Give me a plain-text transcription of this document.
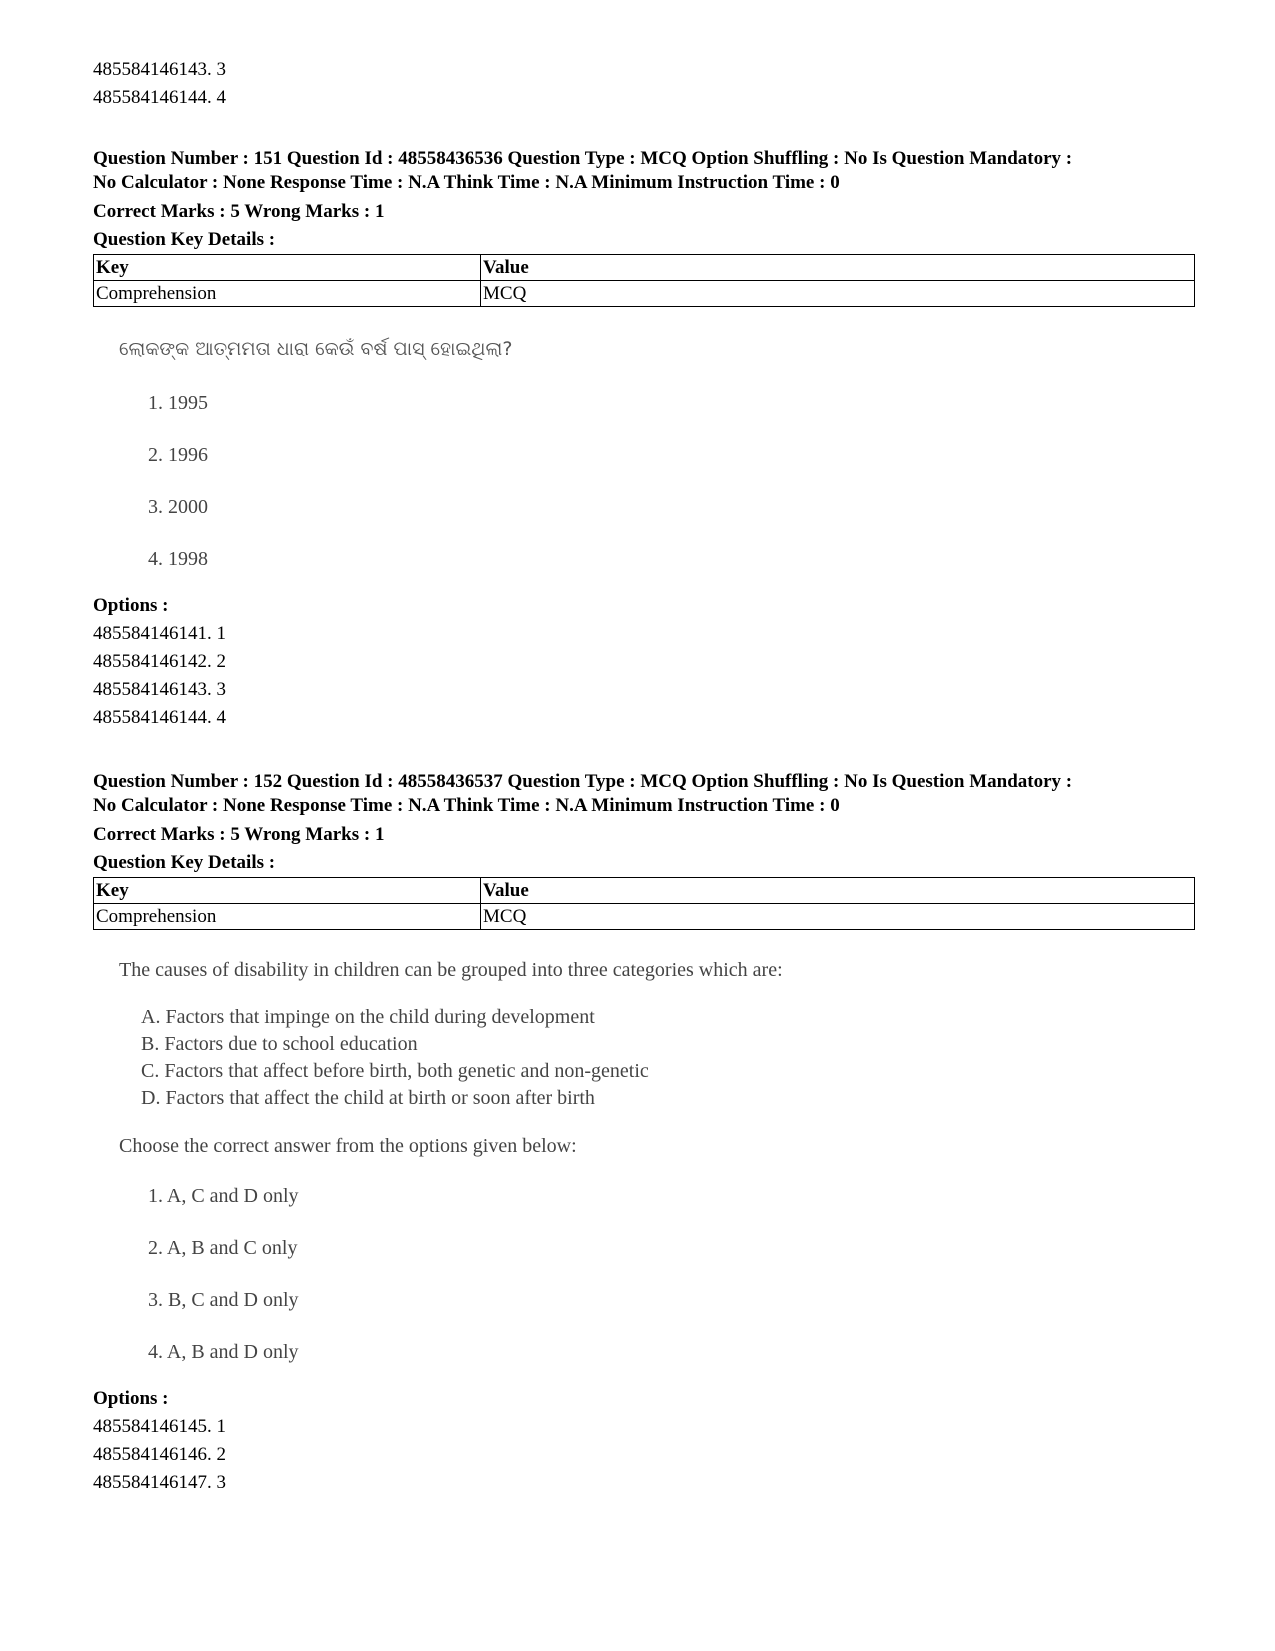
485584146143. 3
485584146144. 4
Question Number : 151 Question Id : 48558436536 Question Type : MCQ Option Shuffling : No Is Question Mandatory :
No Calculator : None Response Time : N.A Think Time : N.A Minimum Instruction Time : 0
Correct Marks : 5 Wrong Marks : 1
Question Key Details :
Key	Value
Comprehension	MCQ
ଲୋକଙ୍କ ଆତ୍ମମତା ଧାରା କେଉଁ ବର୍ଷ ପାସ୍ ହୋଇଥିଲା?
1. 1995
2. 1996
3. 2000
4. 1998
Options :
485584146141. 1
485584146142. 2
485584146143. 3
485584146144. 4
Question Number : 152 Question Id : 48558436537 Question Type : MCQ Option Shuffling : No Is Question Mandatory :
No Calculator : None Response Time : N.A Think Time : N.A Minimum Instruction Time : 0
Correct Marks : 5 Wrong Marks : 1
Question Key Details :
Key	Value
Comprehension	MCQ
The causes of disability in children can be grouped into three categories which are:
A. Factors that impinge on the child during development
B. Factors due to school education
C. Factors that affect before birth, both genetic and non-genetic
D. Factors that affect the child at birth or soon after birth
Choose the correct answer from the options given below:
1. A, C and D only
2. A, B and C only
3. B, C and D only
4. A, B and D only
Options :
485584146145. 1
485584146146. 2
485584146147. 3
